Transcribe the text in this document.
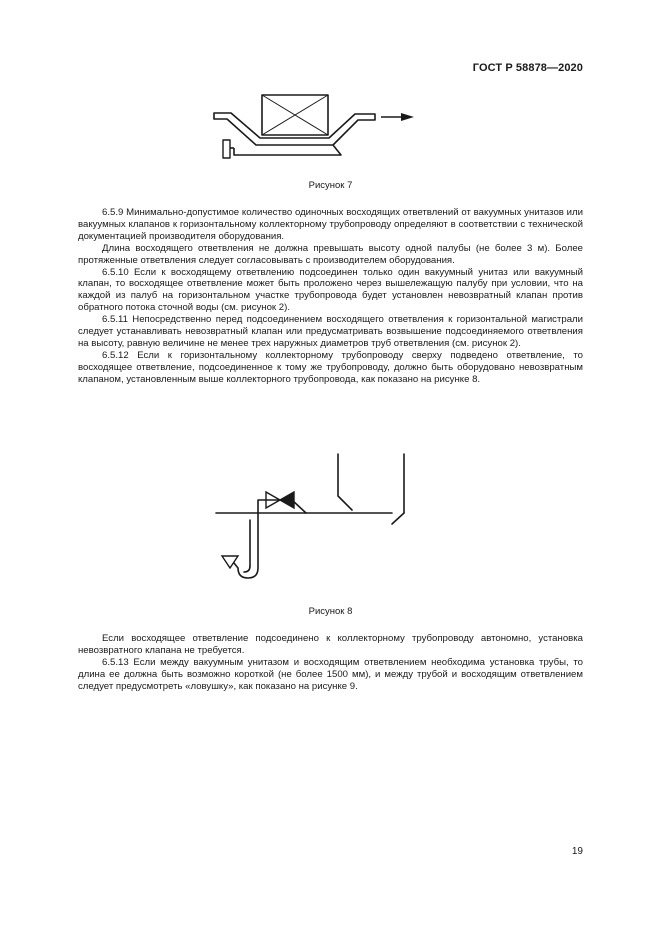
ГОСТ Р 58878—2020
Рисунок 7

6.5.9 Минимально-допустимое количество одиночных восходящих ответвлений от вакуумных унитазов или вакуумных клапанов к горизонтальному коллекторному трубопроводу определяют в соответствии с технической документацией производителя оборудования.

Длина восходящего ответвления не должна превышать высоту одной палубы (не более 3 м). Более протяженные ответвления следует согласовывать с производителем оборудования.

6.5.10 Если к восходящему ответвлению подсоединен только один вакуумный унитаз или вакуумный клапан, то восходящее ответвление может быть проложено через вышележащую палубу при условии, что на каждой из палуб на горизонтальном участке трубопровода будет установлен невозвратный клапан против обратного потока сточной воды (см. рисунок 2).

6.5.11 Непосредственно перед подсоединением восходящего ответвления к горизонтальной магистрали следует устанавливать невозвратный клапан или предусматривать возвышение подсоединяемого ответвления на высоту, равную величине не менее трех наружных диаметров труб ответвления (см. рисунок 2).

6.5.12 Если к горизонтальному коллекторному трубопроводу сверху подведено ответвление, то восходящее ответвление, подсоединенное к тому же трубопроводу, должно быть оборудовано невозвратным клапаном, установленным выше коллекторного трубопровода, как показано на рисунке 8.

Рисунок 8

Если восходящее ответвление подсоединено к коллекторному трубопроводу автономно, установка невозвратного клапана не требуется.

6.5.13 Если между вакуумным унитазом и восходящим ответвлением необходима установка трубы, то длина ее должна быть возможно короткой (не более 1500 мм), и между трубой и восходящим ответвлением следует предусмотреть «ловушку», как показано на рисунке 9.

19
